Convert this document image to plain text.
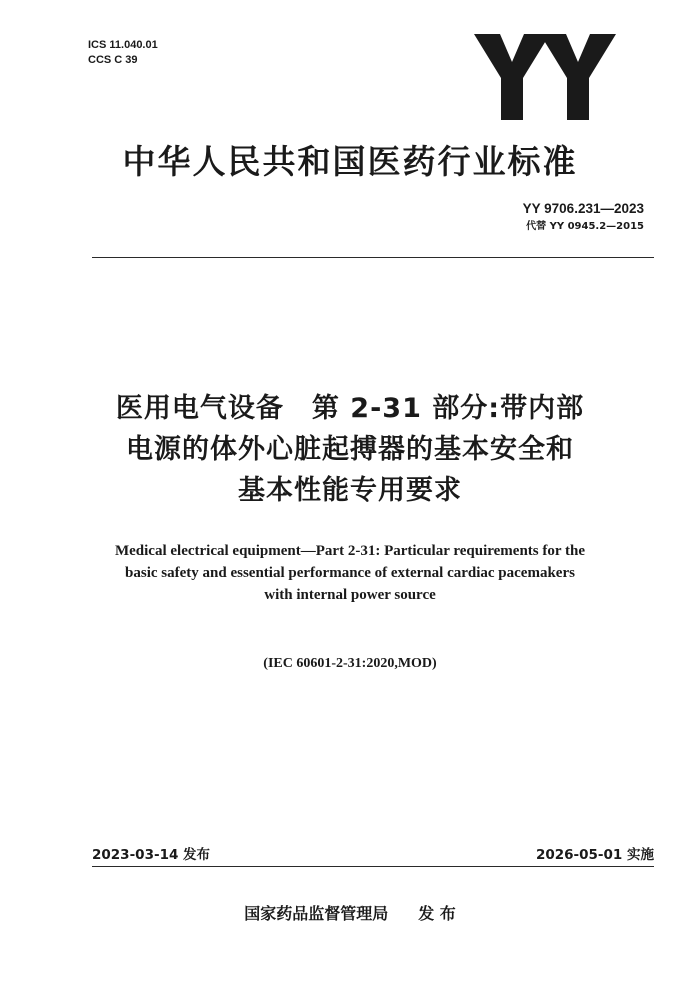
ICS 11.040.01
CCS C 39
中华人民共和国医药行业标准
YY 9706.231—2023
代替 YY 0945.2—2015
医用电气设备　第 2-31 部分:带内部
电源的体外心脏起搏器的基本安全和
基本性能专用要求
Medical electrical equipment—Part 2-31: Particular requirements for the
basic safety and essential performance of external cardiac pacemakers
with internal power source
(IEC 60601-2-31:2020,MOD)
2023-03-14 发布	2026-05-01 实施
国家药品监督管理局 发 布
